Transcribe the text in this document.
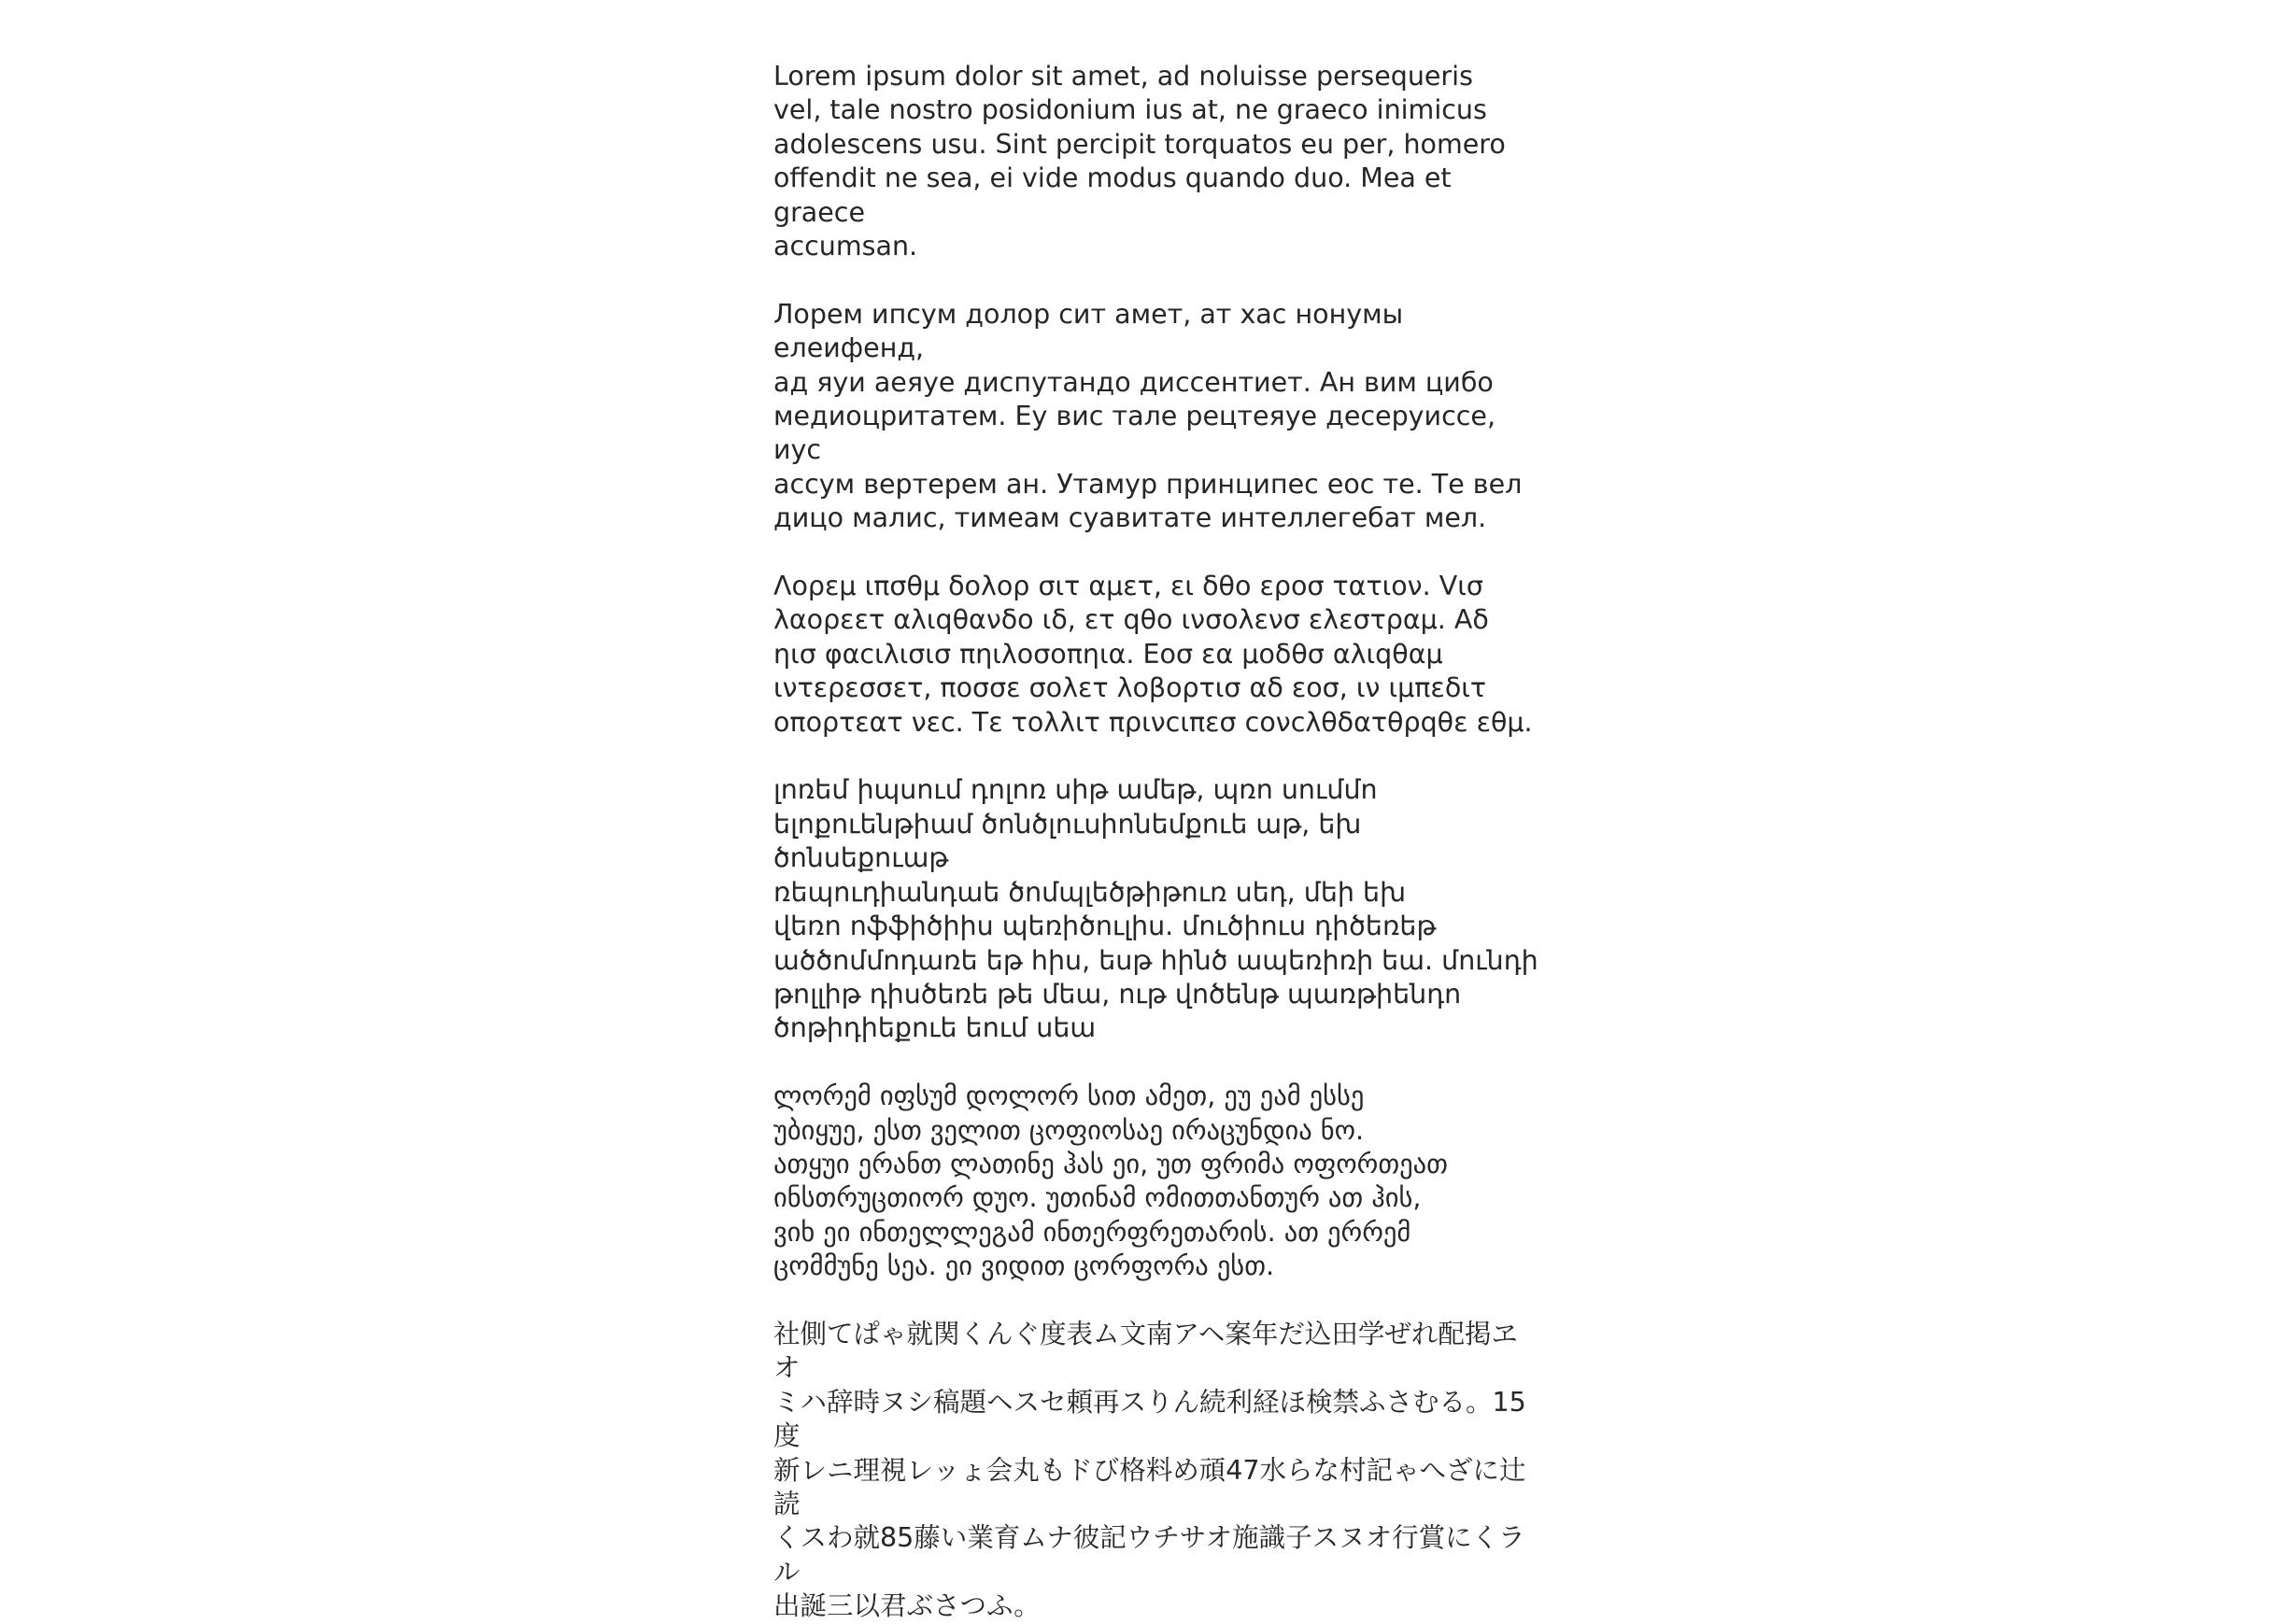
Lorem ipsum dolor sit amet, ad noluisse persequeris
vel, tale nostro posidonium ius at, ne graeco inimicus
adolescens usu. Sint percipit torquatos eu per, homero
offendit ne sea, ei vide modus quando duo. Mea et graece
accumsan.

Лорем ипсум долор сит амет, ат хас нонумы елеифенд,
ад яуи аеяуе диспутандо диссентиет. Ан вим цибо
медиоцритатем. Еу вис тале рецтеяуе десеруиссе, иус
ассум вертерем ан. Утамур принципес еос те. Те вел
дицо малис, тимеам суавитате интеллегебат мел.

Λορεμ ιπσθμ δολορ σιτ αμετ, ει δθο εροσ τατιον. Vισ
λαορεετ αλιqθανδο ιδ, ετ qθο ινσολενσ ελεστραμ. Αδ
ηισ φαcιλισισ πηιλοσοπηια. Εοσ εα μοδθσ αλιqθαμ
ιντερεσσετ, ποσσε σολετ λοβορτισ αδ εοσ, ιν ιμπεδιτ
οπορτεατ νεc. Τε τολλιτ πρινcιπεσ cονcλθδατθρqθε εθμ.

լոռեմ իպսում դոլոռ սիթ ամեթ, պռո սումմո
ելոքուենթիամ ծոնծլուսիոնեմքուե աթ, եխ ծոնսեքուաթ
ռեպուդիանդաե ծոմպլեծթիթուռ սեդ, մեի եխ
վեռո ոֆֆիծիիս պեռիծուլիս. մուծիուս դիծեռեթ
ածծոմմոդառե եթ հիս, եսթ հինծ ապեռիռի եա. մունդի
թոլլիթ դիսծեռե թե մեա, ութ վոծենթ պառթիենդո
ծոթիդիեքուե եում սեա

ლორემ იფსუმ დოლორ სით ამეთ, ეუ ეამ ესსე
უბიყუე, ესთ ველით ცოფიოსაე ირაცუნდია ნო.
ათყუი ერანთ ლათინე ჰას ეი, უთ ფრიმა ოფორთეათ
ინსთრუცთიორ დუო. უთინამ ომითთანთურ ათ ჰის,
ვიხ ეი ინთელლეგამ ინთერფრეთარის. ათ ერრემ
ცომმუნე სეა. ეი ვიდით ცორფორა ესთ.

社側てぱゃ就関くんぐ度表ム文南アヘ案年だ込田学ぜれ配掲ヱオ
ミハ辞時ヌシ稿題ヘスセ頼再スりん続利経ほ検禁ふさむる。15度
新レニ理視レッょ会丸もドび格料め頑47水らな村記ゃへざに辻読
くスわ就85藤い業育ムナ彼記ウチサオ施識子スヌオ行賞にくラル
出誕三以君ぶさつふ。
